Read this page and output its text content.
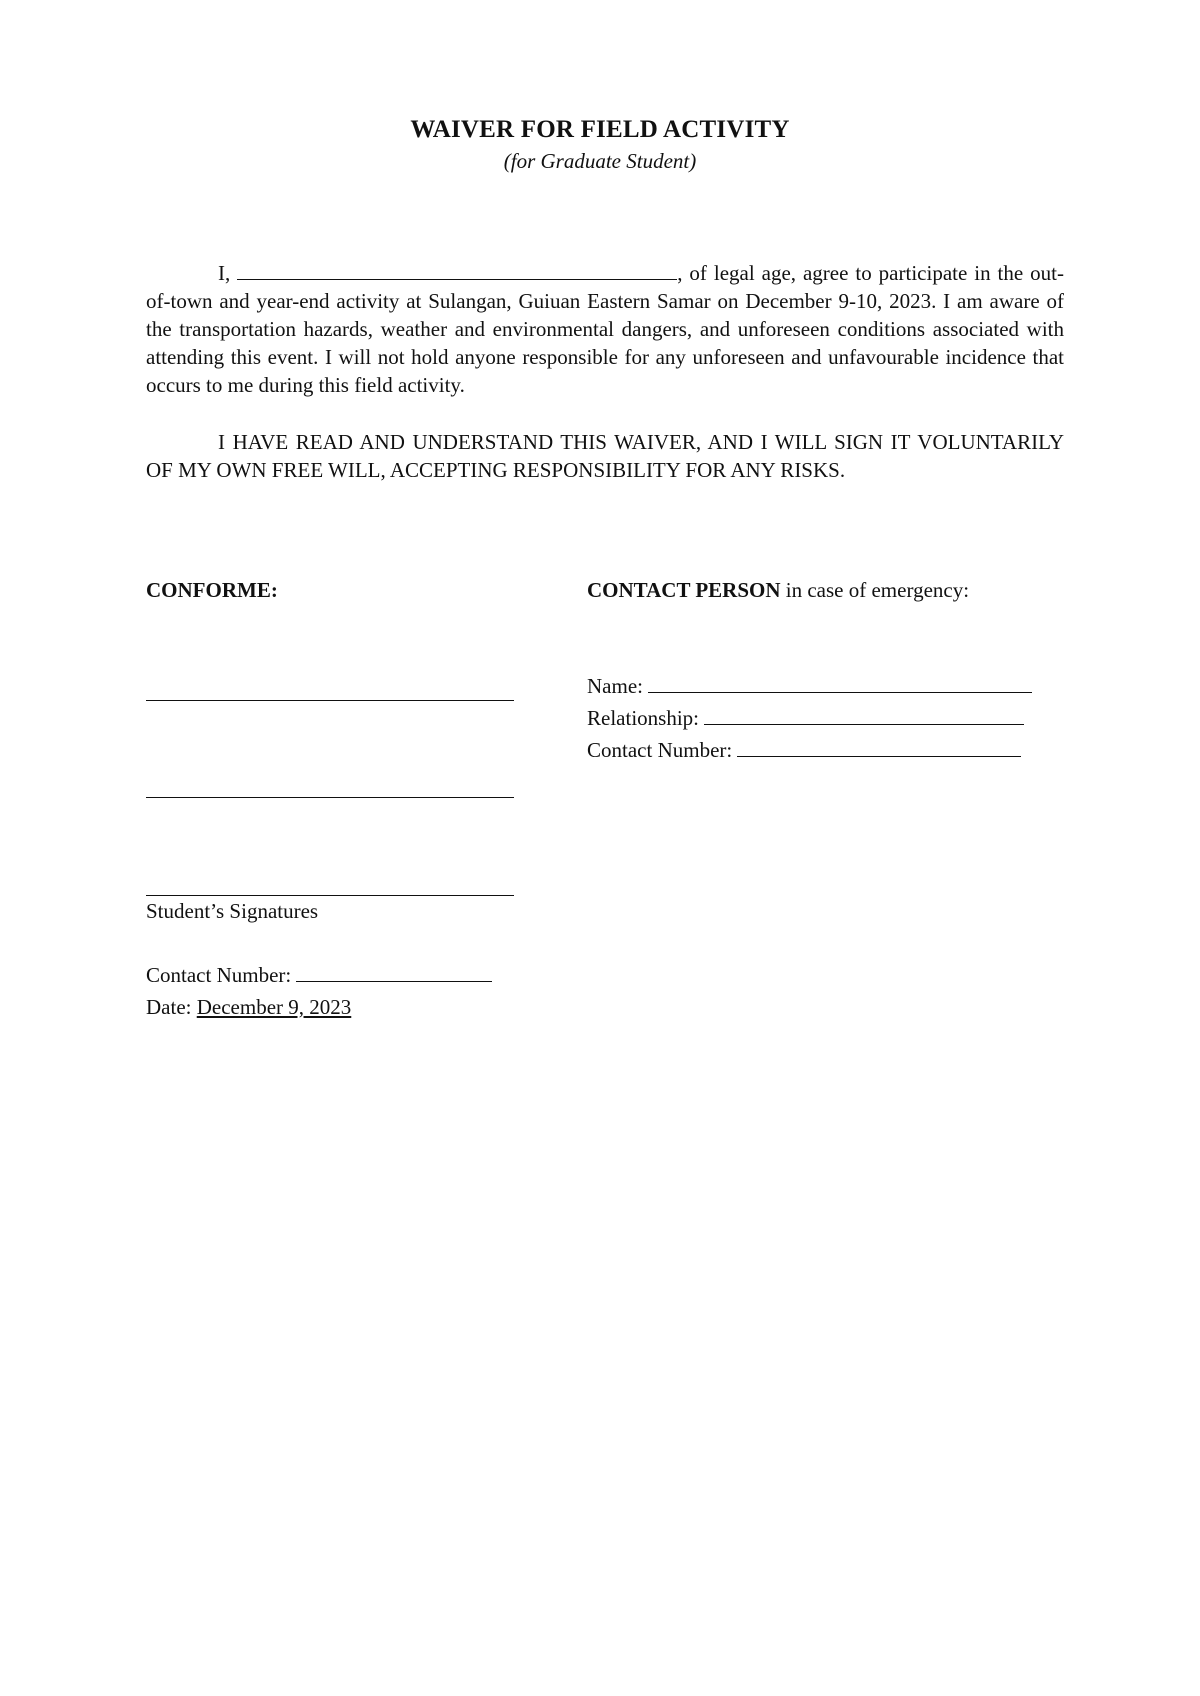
WAIVER FOR FIELD ACTIVITY
(for Graduate Student)

I,	, of legal age, agree to participate in the out-of-town and year-end activity at Sulangan, Guiuan Eastern Samar on December 9-10, 2023. I am aware of the transportation hazards, weather and environmental dangers, and unforeseen conditions associated with attending this event. I will not hold anyone responsible for any unforeseen and unfavourable incidence that occurs to me during this field activity.

I HAVE READ AND UNDERSTAND THIS WAIVER, AND I WILL SIGN IT VOLUNTARILY OF MY OWN FREE WILL, ACCEPTING RESPONSIBILITY FOR ANY RISKS.

CONFORME:	CONTACT PERSON in case of emergency:
Name:
Relationship:
Contact Number:
Student’s Signatures
Contact Number:
Date: December 9, 2023
